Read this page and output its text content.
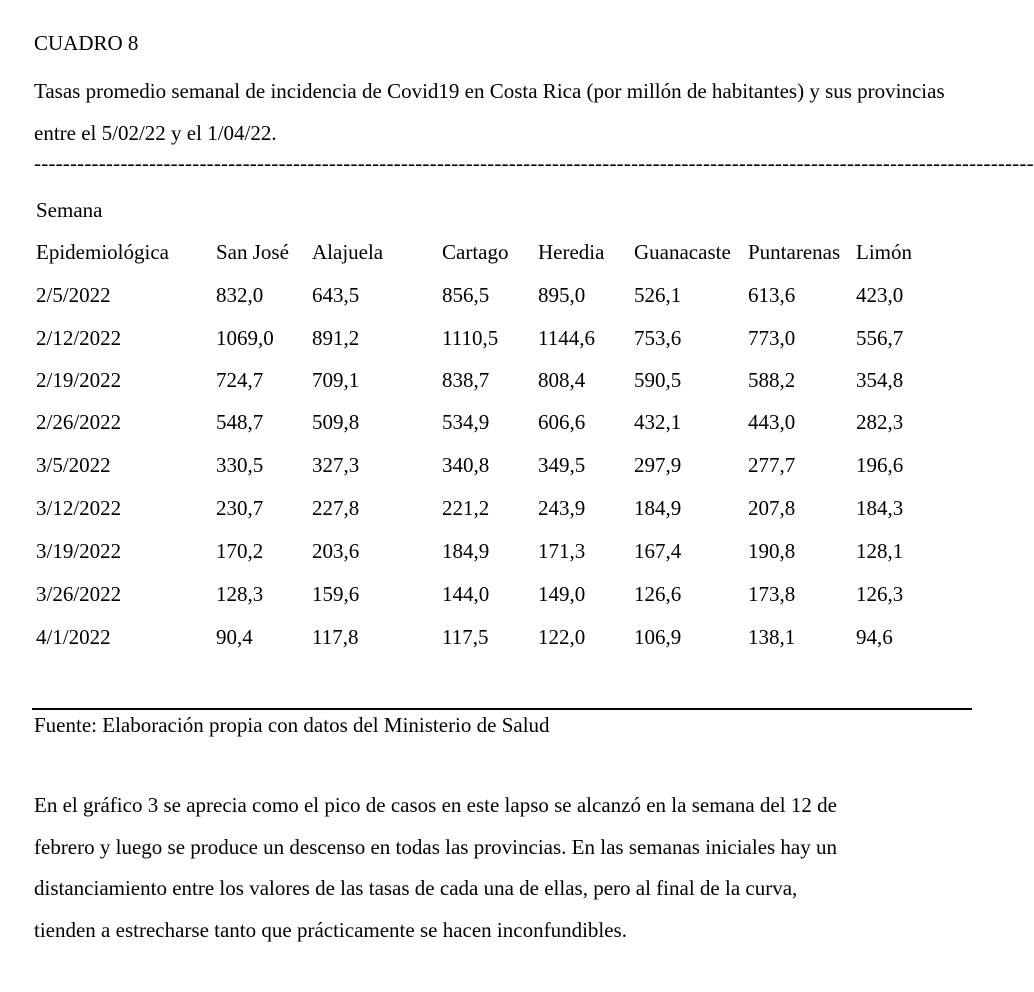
CUADRO 8
Tasas promedio semanal de incidencia de Covid19 en Costa Rica (por millón de habitantes) y sus provincias entre el 5/02/22 y el 1/04/22.
-------------------------------------------------------------------------------------------------------------------------------------------
Semana
Epidemiológica San José Alajuela	Cartago Heredia Guanacaste Puntarenas Limón
2/5/2022	832,0 643,5	856,5 895,0 526,1	613,6	423,0
2/12/2022	1069,0 891,2	1110,5 1144,6 753,6	773,0	556,7
2/19/2022	724,7 709,1	838,7 808,4 590,5	588,2	354,8
2/26/2022	548,7 509,8	534,9 606,6 432,1	443,0	282,3
3/5/2022	330,5 327,3	340,8 349,5 297,9	277,7	196,6
3/12/2022	230,7 227,8	221,2 243,9 184,9	207,8	184,3
3/19/2022	170,2 203,6	184,9 171,3 167,4	190,8	128,1
3/26/2022	128,3 159,6	144,0 149,0 126,6	173,8	126,3
4/1/2022	90,4	117,8	117,5 122,0 106,9	138,1	94,6
Fuente: Elaboración propia con datos del Ministerio de Salud
En el gráfico 3 se aprecia como el pico de casos en este lapso se alcanzó en la semana del 12 de
febrero y luego se produce un descenso en todas las provincias. En las semanas iniciales hay un
distanciamiento entre los valores de las tasas de cada una de ellas, pero al final de la curva,
tienden a estrecharse tanto que prácticamente se hacen inconfundibles.
